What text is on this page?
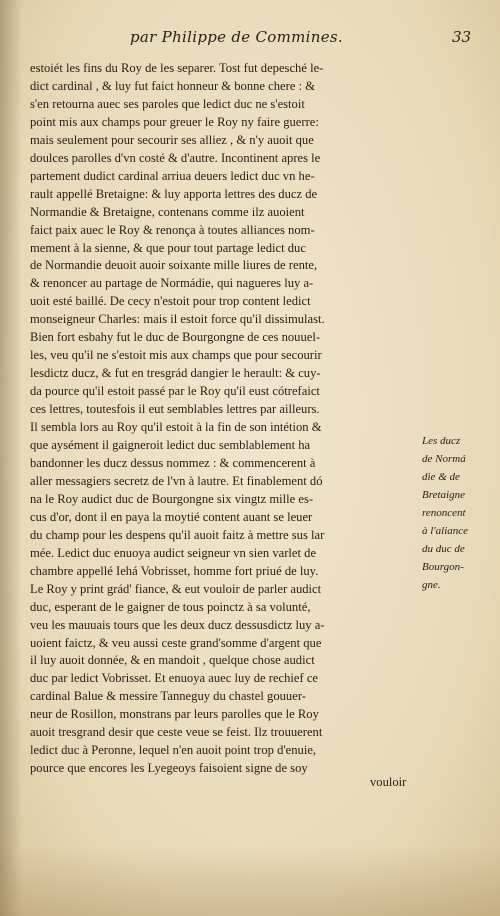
par Philippe de Commines.	33
estoiét les fins du Roy de les separer. Tost fut depesché le-
dict cardinal , & luy fut faict honneur & bonne chere : &
s'en retourna auec ses paroles que ledict duc ne s'estoit
point mis aux champs pour greuer le Roy ny faire guerre:
mais seulement pour secourir ses alliez , & n'y auoit que
doulces parolles d'vn costé & d'autre. Incontinent apres le
partement dudict cardinal arriua deuers ledict duc vn he-
rault appellé Bretaigne: & luy apporta lettres des ducz de
Normandie & Bretaigne, contenans comme ilz auoient
faict paix auec le Roy & renonça à toutes alliances nom-
mement à la sienne, & que pour tout partage ledict duc
de Normandie deuoit auoir soixante mille liures de rente,
& renoncer au partage de Normádie, qui nagueres luy a-
uoit esté baillé. De cecy n'estoit pour trop content ledict
monseigneur Charles: mais il estoit force qu'il dissimulast.
Bien fort esbahy fut le duc de Bourgongne de ces nouuel-
les, veu qu'il ne s'estoit mis aux champs que pour secourir
lesdictz ducz, & fut en tresgrád dangier le herault: & cuy-
da pource qu'il estoit passé par le Roy qu'il eust cótrefaict
ces lettres, toutesfois il eut semblables lettres par ailleurs.
Il sembla lors au Roy qu'il estoit à la fin de son intétion &
que aysément il gaigneroit ledict duc semblablement ha
bandonner les ducz dessus nommez : & commencerent à
aller messagiers secretz de l'vn à lautre. Et finablement dó
na le Roy audict duc de Bourgongne six vingtz mille es-
cus d'or, dont il en paya la moytié content auant se leuer
du champ pour les despens qu'il auoit faitz à mettre sus lar
mée. Ledict duc enuoya audict seigneur vn sien varlet de
chambre appellé Iehá Vobrisset, homme fort priué de luy.
Le Roy y print grád' fiance, & eut vouloir de parler audict
duc, esperant de le gaigner de tous poinctz à sa volunté,
veu les mauuais tours que les deux ducz dessusdictz luy a-
uoient faictz, & veu aussi ceste grand'somme d'argent que
il luy auoit donnée, & en mandoit , quelque chose audict
duc par ledict Vobrisset. Et enuoya auec luy de rechief ce
cardinal Balue & messire Tanneguy du chastel gouuer-
neur de Rosillon, monstrans par leurs parolles que le Roy
auoit tresgrand desir que ceste veue se feist. Ilz trouuerent
ledict duc à Peronne, lequel n'en auoit point trop d'enuie,
pource que encores les Lyegeoys faisoient signe de soy
vouloir
Les ducz
de Normá
die & de
Bretaigne
renoncent
à l'aliance
du duc de
Bourgon-
gne.
